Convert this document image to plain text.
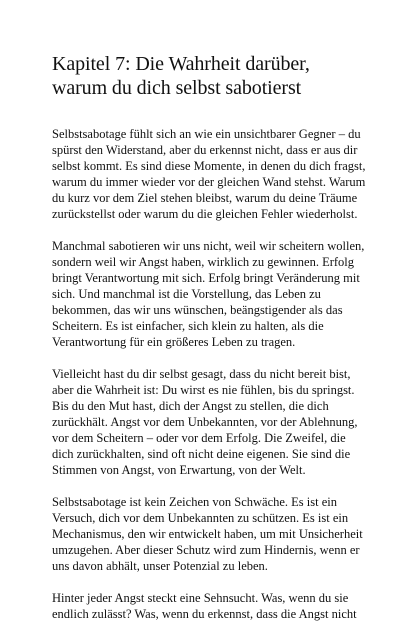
Kapitel 7: Die Wahrheit darüber, warum du dich selbst sabotierst

Selbstsabotage fühlt sich an wie ein unsichtbarer Gegner – du spürst den Widerstand, aber du erkennst nicht, dass er aus dir selbst kommt. Es sind diese Momente, in denen du dich fragst, warum du immer wieder vor der gleichen Wand stehst. Warum du kurz vor dem Ziel stehen bleibst, warum du deine Träume zurückstellst oder warum du die gleichen Fehler wiederholst.

Manchmal sabotieren wir uns nicht, weil wir scheitern wollen, sondern weil wir Angst haben, wirklich zu gewinnen. Erfolg bringt Verantwortung mit sich. Erfolg bringt Veränderung mit sich. Und manchmal ist die Vorstellung, das Leben zu bekommen, das wir uns wünschen, beängstigender als das Scheitern. Es ist einfacher, sich klein zu halten, als die Verantwortung für ein größeres Leben zu tragen.

Vielleicht hast du dir selbst gesagt, dass du nicht bereit bist, aber die Wahrheit ist: Du wirst es nie fühlen, bis du springst. Bis du den Mut hast, dich der Angst zu stellen, die dich zurückhält. Angst vor dem Unbekannten, vor der Ablehnung, vor dem Scheitern – oder vor dem Erfolg. Die Zweifel, die dich zurückhalten, sind oft nicht deine eigenen. Sie sind die Stimmen von Angst, von Erwartung, von der Welt.

Selbstsabotage ist kein Zeichen von Schwäche. Es ist ein Versuch, dich vor dem Unbekannten zu schützen. Es ist ein Mechanismus, den wir entwickelt haben, um mit Unsicherheit umzugehen. Aber dieser Schutz wird zum Hindernis, wenn er uns davon abhält, unser Potenzial zu leben.

Hinter jeder Angst steckt eine Sehnsucht. Was, wenn du sie endlich zulässt? Was, wenn du erkennst, dass die Angst nicht
